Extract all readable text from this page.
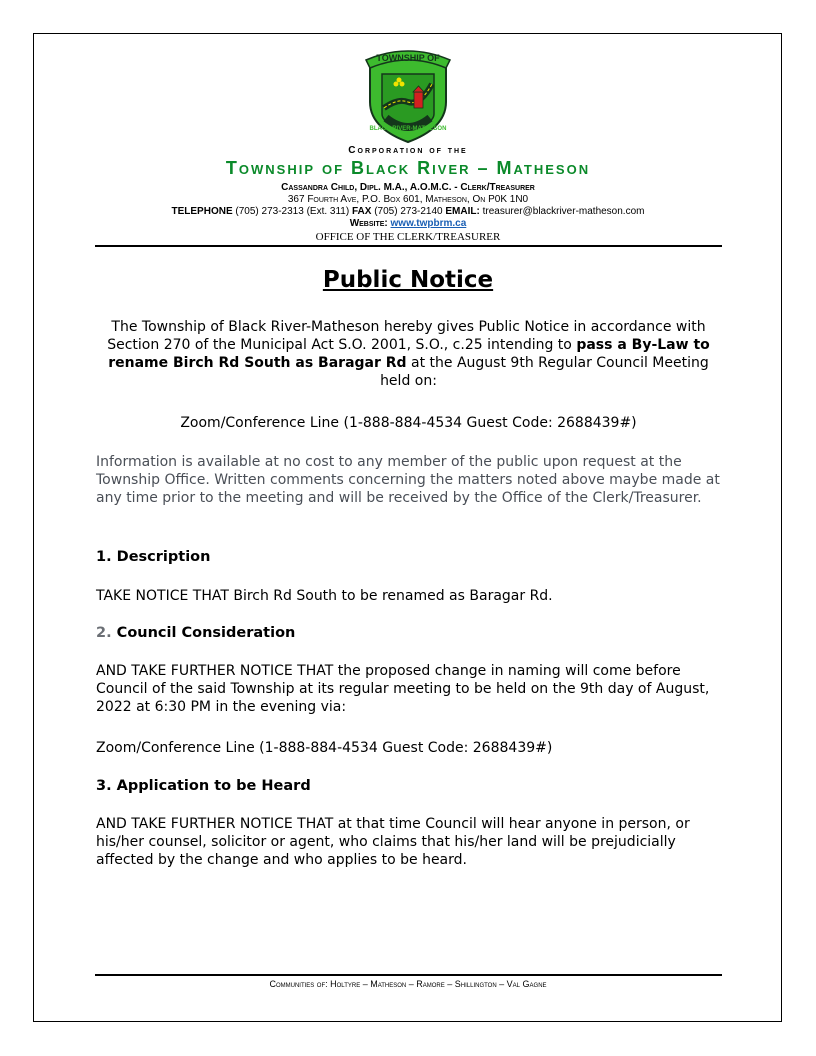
TOWNSHIP OF
BLACK RIVER-MATHESON
Corporation of the
Township of Black River – Matheson
Cassandra Child, Dipl. M.A., A.O.M.C. - Clerk/Treasurer
367 Fourth Ave, P.O. Box 601, Matheson, On P0K 1N0
TELEPHONE (705) 273-2313 (Ext. 311) FAX (705) 273-2140 EMAIL: treasurer@blackriver-matheson.com
Website: www.twpbrm.ca
OFFICE OF THE CLERK/TREASURER
Public Notice
The Township of Black River-Matheson hereby gives Public Notice in accordance with Section 270 of the Municipal Act S.O. 2001, S.O., c.25 intending to pass a By-Law to rename Birch Rd South as Baragar Rd at the August 9th Regular Council Meeting held on:
Zoom/Conference Line (1-888-884-4534 Guest Code: 2688439#)
Information is available at no cost to any member of the public upon request at the Township Office. Written comments concerning the matters noted above maybe made at any time prior to the meeting and will be received by the Office of the Clerk/Treasurer.
1. Description
TAKE NOTICE THAT Birch Rd South to be renamed as Baragar Rd.
2. Council Consideration
AND TAKE FURTHER NOTICE THAT the proposed change in naming will come before Council of the said Township at its regular meeting to be held on the 9th day of August, 2022 at 6:30 PM in the evening via:
Zoom/Conference Line (1-888-884-4534 Guest Code: 2688439#)
3. Application to be Heard
AND TAKE FURTHER NOTICE THAT at that time Council will hear anyone in person, or his/her counsel, solicitor or agent, who claims that his/her land will be prejudicially affected by the change and who applies to be heard.
Communities of: Holtyre – Matheson – Ramore – Shillington – Val Gagne
